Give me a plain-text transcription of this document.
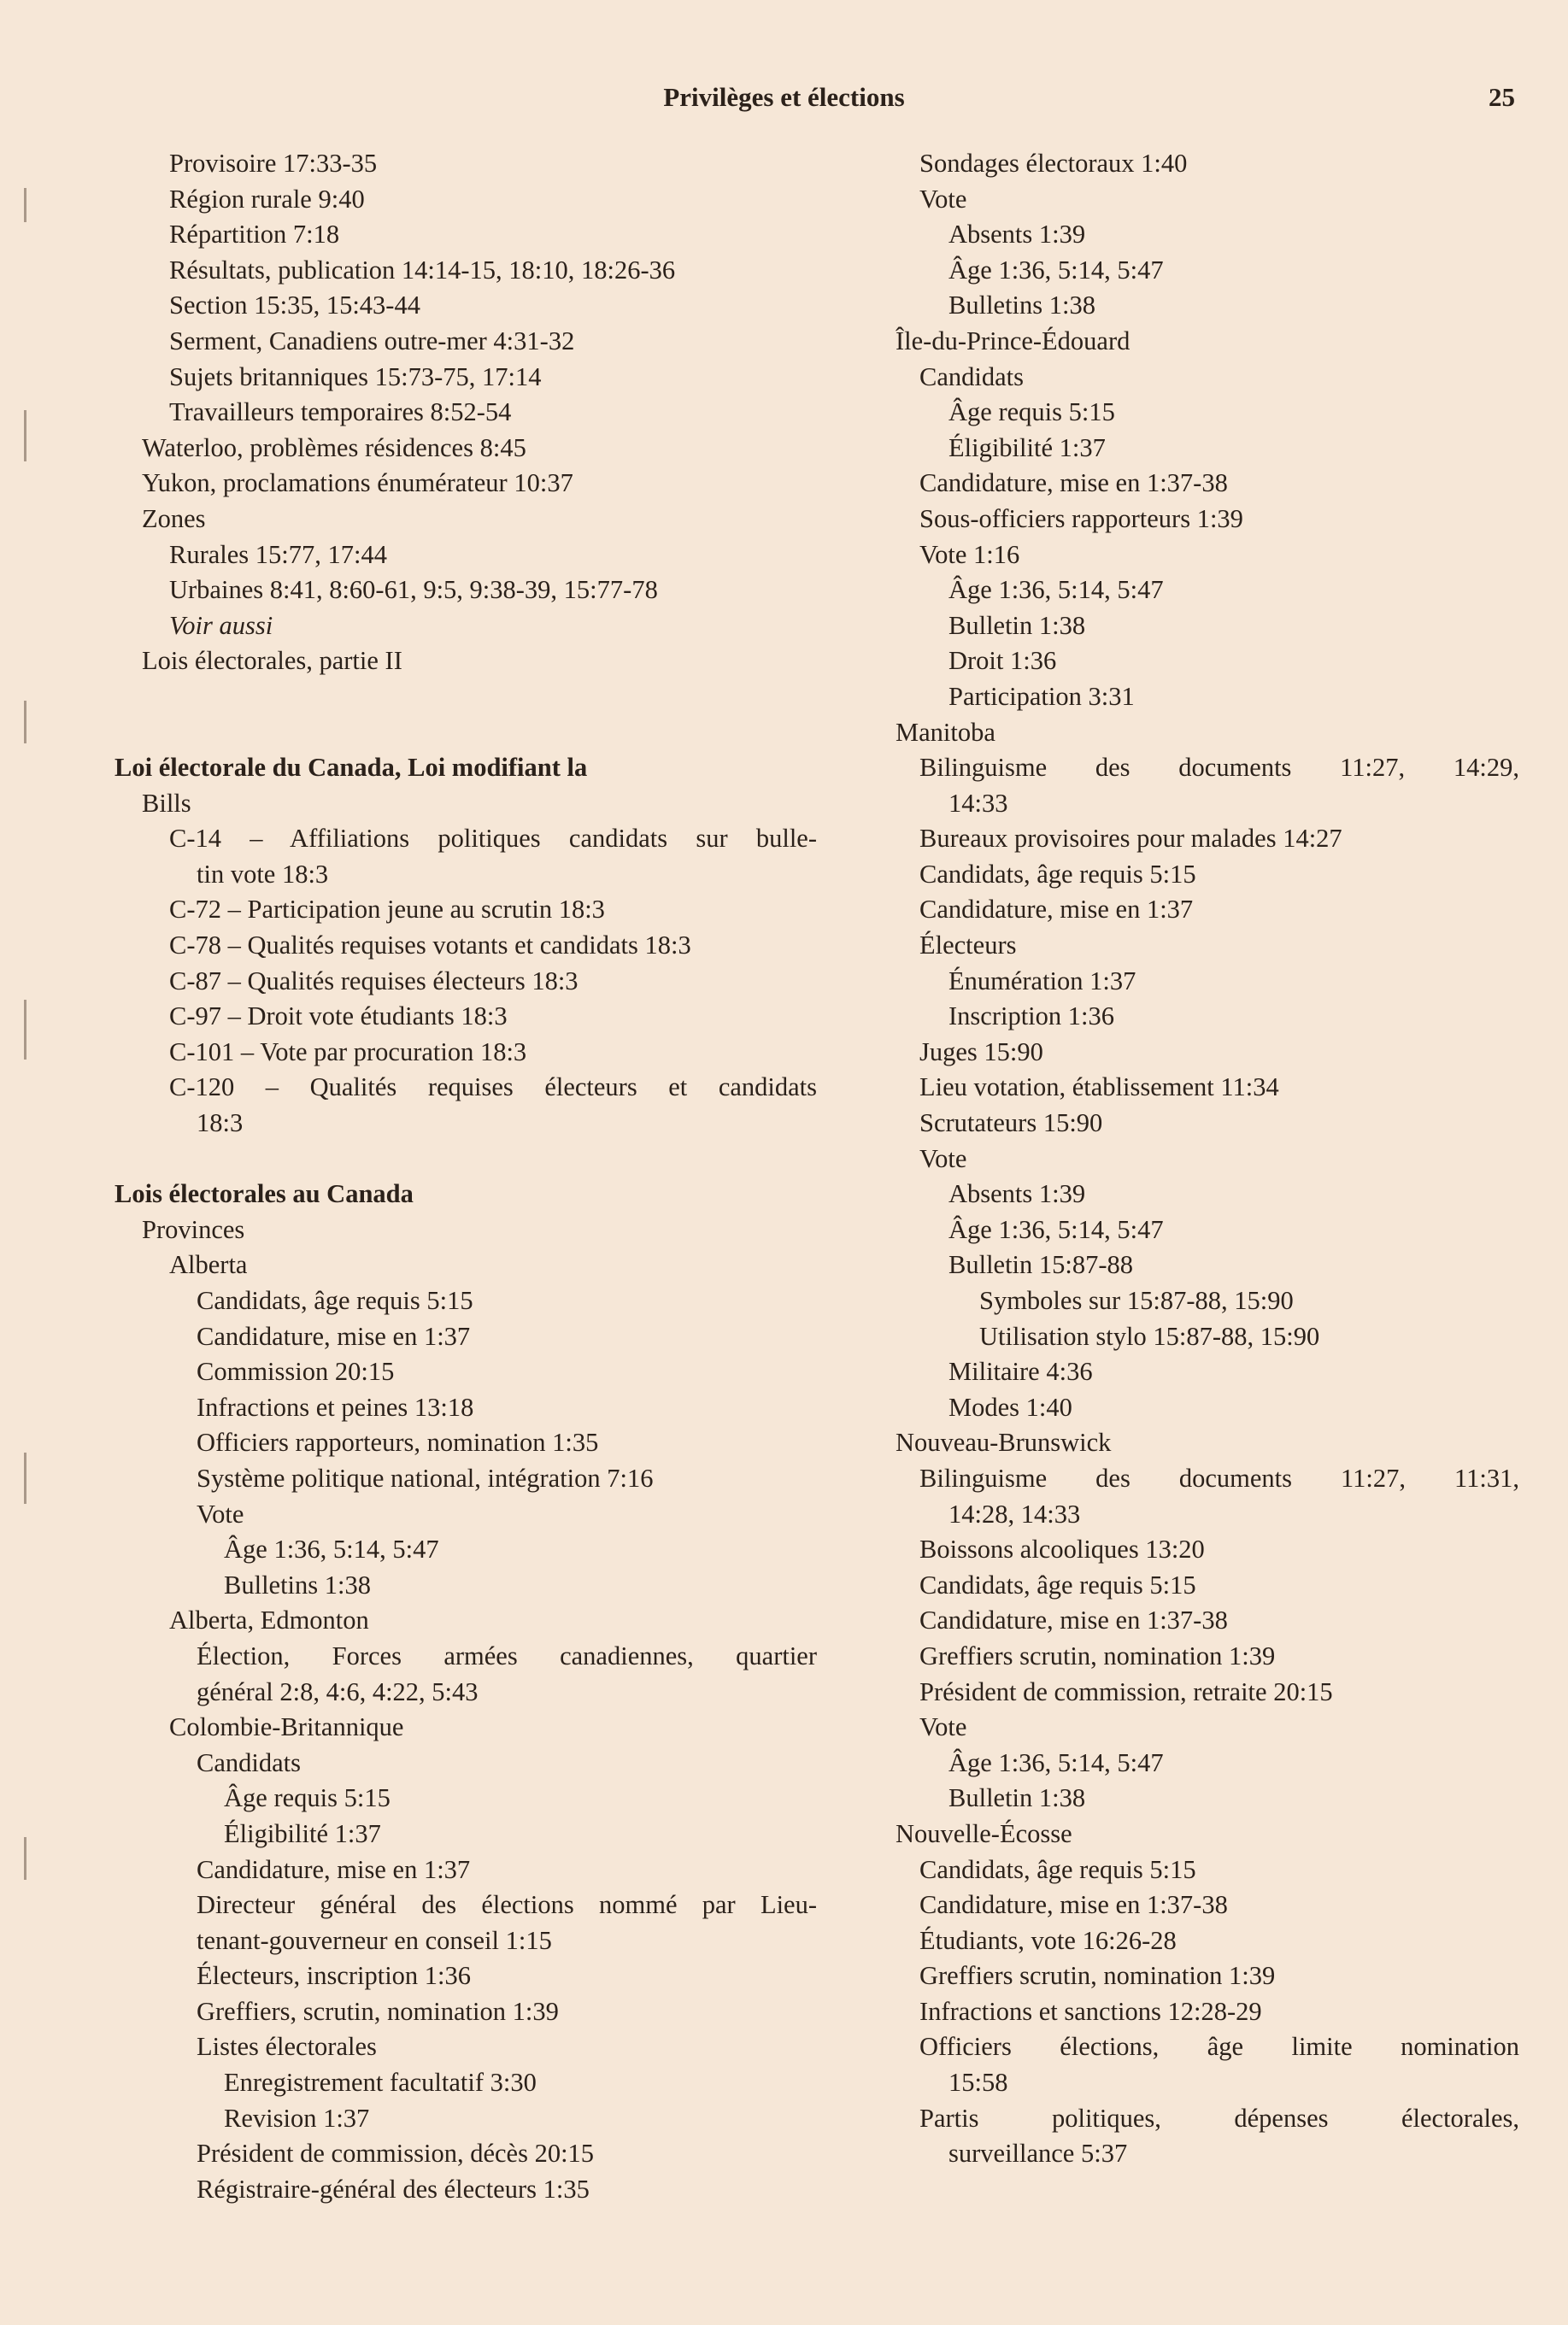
Privilèges et élections	25
Provisoire 17:33-35
Région rurale 9:40
Répartition 7:18
Résultats, publication 14:14-15, 18:10, 18:26-36
Section 15:35, 15:43-44
Serment, Canadiens outre-mer 4:31-32
Sujets britanniques 15:73-75, 17:14
Travailleurs temporaires 8:52-54
Waterloo, problèmes résidences 8:45
Yukon, proclamations énumérateur 10:37
Zones
Rurales 15:77, 17:44
Urbaines 8:41, 8:60-61, 9:5, 9:38-39, 15:77-78
Voir aussi
Lois électorales, partie II
Loi électorale du Canada, Loi modifiant la
Bills
C-14 – Affiliations politiques candidats sur bulle-
tin vote 18:3
C-72 – Participation jeune au scrutin 18:3
C-78 – Qualités requises votants et candidats 18:3
C-87 – Qualités requises électeurs 18:3
C-97 – Droit vote étudiants 18:3
C-101 – Vote par procuration 18:3
C-120 – Qualités requises électeurs et candidats
18:3
Lois électorales au Canada
Provinces
Alberta
Candidats, âge requis 5:15
Candidature, mise en 1:37
Commission 20:15
Infractions et peines 13:18
Officiers rapporteurs, nomination 1:35
Système politique national, intégration 7:16
Vote
Âge 1:36, 5:14, 5:47
Bulletins 1:38
Alberta, Edmonton
Élection, Forces armées canadiennes, quartier
général 2:8, 4:6, 4:22, 5:43
Colombie-Britannique
Candidats
Âge requis 5:15
Éligibilité 1:37
Candidature, mise en 1:37
Directeur général des élections nommé par Lieu-
tenant-gouverneur en conseil 1:15
Électeurs, inscription 1:36
Greffiers, scrutin, nomination 1:39
Listes électorales
Enregistrement facultatif 3:30
Revision 1:37
Président de commission, décès 20:15
Régistraire-général des électeurs 1:35
Sondages électoraux 1:40
Vote
Absents 1:39
Âge 1:36, 5:14, 5:47
Bulletins 1:38
Île-du-Prince-Édouard
Candidats
Âge requis 5:15
Éligibilité 1:37
Candidature, mise en 1:37-38
Sous-officiers rapporteurs 1:39
Vote 1:16
Âge 1:36, 5:14, 5:47
Bulletin 1:38
Droit 1:36
Participation 3:31
Manitoba
Bilinguisme des documents 11:27, 14:29,
14:33
Bureaux provisoires pour malades 14:27
Candidats, âge requis 5:15
Candidature, mise en 1:37
Électeurs
Énumération 1:37
Inscription 1:36
Juges 15:90
Lieu votation, établissement 11:34
Scrutateurs 15:90
Vote
Absents 1:39
Âge 1:36, 5:14, 5:47
Bulletin 15:87-88
Symboles sur 15:87-88, 15:90
Utilisation stylo 15:87-88, 15:90
Militaire 4:36
Modes 1:40
Nouveau-Brunswick
Bilinguisme des documents 11:27, 11:31,
14:28, 14:33
Boissons alcooliques 13:20
Candidats, âge requis 5:15
Candidature, mise en 1:37-38
Greffiers scrutin, nomination 1:39
Président de commission, retraite 20:15
Vote
Âge 1:36, 5:14, 5:47
Bulletin 1:38
Nouvelle-Écosse
Candidats, âge requis 5:15
Candidature, mise en 1:37-38
Étudiants, vote 16:26-28
Greffiers scrutin, nomination 1:39
Infractions et sanctions 12:28-29
Officiers élections, âge limite nomination
15:58
Partis politiques, dépenses électorales,
surveillance 5:37
